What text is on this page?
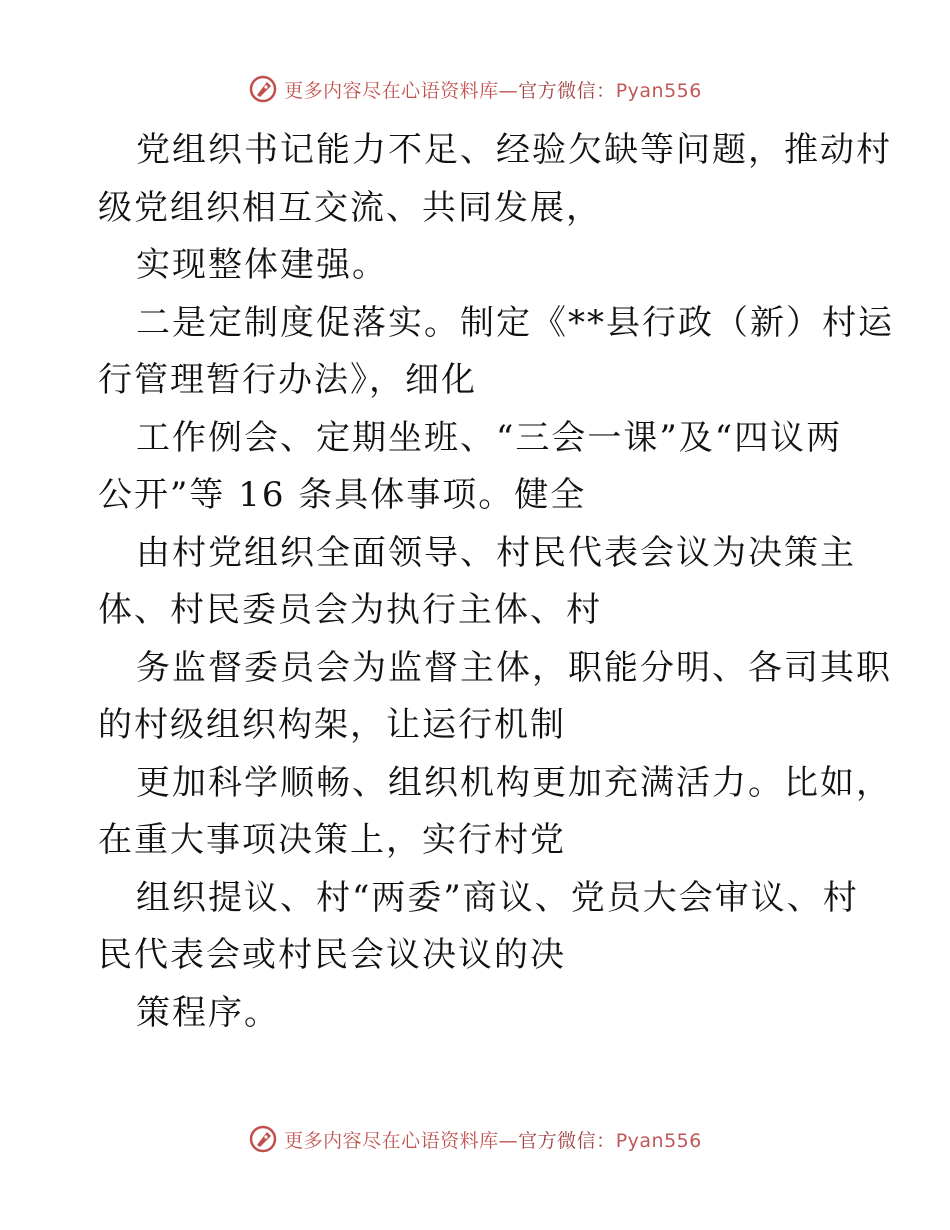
更多内容尽在心语资料库—官方微信：Pyan556
党组织书记能力不足、经验欠缺等问题，推动村
级党组织相互交流、共同发展，
实现整体建强。
二是定制度促落实。制定《**县行政（新）村运
行管理暂行办法》，细化
工作例会、定期坐班、“三会一课”及“四议两
公开”等 16 条具体事项。健全
由村党组织全面领导、村民代表会议为决策主
体、村民委员会为执行主体、村
务监督委员会为监督主体，职能分明、各司其职
的村级组织构架，让运行机制
更加科学顺畅、组织机构更加充满活力。比如，
在重大事项决策上，实行村党
组织提议、村“两委”商议、党员大会审议、村
民代表会或村民会议决议的决
策程序。
更多内容尽在心语资料库—官方微信：Pyan556
